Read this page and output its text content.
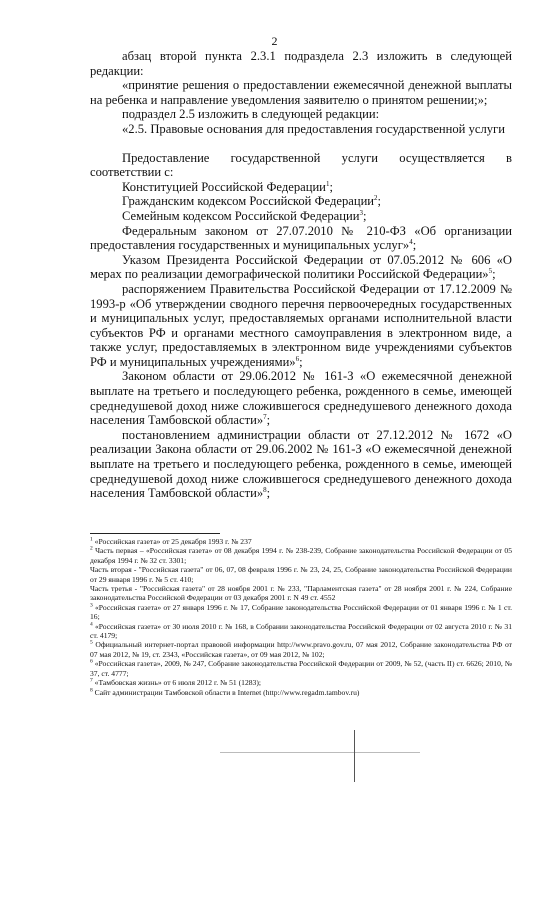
2

абзац второй пункта 2.3.1 подраздела 2.3 изложить в следующей редакции:

«принятие решения о предоставлении ежемесячной денежной выплаты на ребенка и направление уведомления заявителю о принятом решении;»;

подраздел 2.5 изложить в следующей редакции:

«2.5. Правовые основания для предоставления государственной услуги

Предоставление государственной услуги осуществляется в соответствии с:

Конституцией Российской Федерации$^1$;

Гражданским кодексом Российской Федерации$^2$;

Семейным кодексом Российской Федерации$^3$;

Федеральным законом от 27.07.2010 № 210-ФЗ «Об организации предоставления государственных и муниципальных услуг»$^4$;

Указом Президента Российской Федерации от 07.05.2012 № 606 «О мерах по реализации демографической политики Российской Федерации»$^5$;

распоряжением Правительства Российской Федерации от 17.12.2009 № 1993-р «Об утверждении сводного перечня первоочередных государственных и муниципальных услуг, предоставляемых органами исполнительной власти субъектов РФ и органами местного самоуправления в электронном виде, а также услуг, предоставляемых в электронном виде учреждениями субъектов РФ и муниципальных учреждениями»$^6$;

Законом области от 29.06.2012 № 161-З «О ежемесячной денежной выплате на третьего и последующего ребенка, рожденного в семье, имеющей среднедушевой доход ниже сложившегося среднедушевого денежного дохода населения Тамбовской области»$^7$;

постановлением администрации области от 27.12.2012 № 1672 «О реализации Закона области от 29.06.2002 № 161-З «О ежемесячной денежной выплате на третьего и последующего ребенка, рожденного в семье, имеющей среднедушевой доход ниже сложившегося среднедушевого денежного дохода населения Тамбовской области»$^8$;

$^1$ «Российская газета» от 25 декабря 1993 г. № 237

$^2$ Часть первая – «Российская газета» от 08 декабря 1994 г. № 238-239, Собрание законодательства Российской Федерации от 05 декабря 1994 г. № 32 ст. 3301;

Часть вторая - "Российская газета" от 06, 07, 08 февраля 1996 г. № 23, 24, 25, Собрание законодательства Российской Федерации от 29 января 1996 г. № 5 ст. 410;

Часть третья - "Российская газета" от 28 ноября 2001 г. № 233, "Парламентская газета" от 28 ноября 2001 г. № 224, Собрание законодательства Российской Федерации от 03 декабря 2001 г. N 49 ст. 4552

$^3$ «Российская газета» от 27 января 1996 г. № 17, Собрание законодательства Российской Федерации от 01 января 1996 г. № 1 ст. 16;

$^4$ «Российская газета» от 30 июля 2010 г. № 168, в Собрании законодательства Российской Федерации от 02 августа 2010 г. № 31 ст. 4179;

$^5$ Официальный интернет-портал правовой информации http://www.pravo.gov.ru, 07 мая 2012, Собрание законодательства РФ от 07 мая 2012, № 19, ст. 2343, «Российская газета», от 09 мая 2012, № 102;

$^6$ «Российская газета», 2009, № 247, Собрание законодательства Российской Федерации от 2009, № 52, (часть II) ст. 6626; 2010, № 37, ст. 4777;

$^7$ «Тамбовская жизнь» от 6 июля 2012 г. № 51 (1283);

$^8$ Сайт администрации Тамбовской области в Internet (http://www.regadm.tambov.ru)
